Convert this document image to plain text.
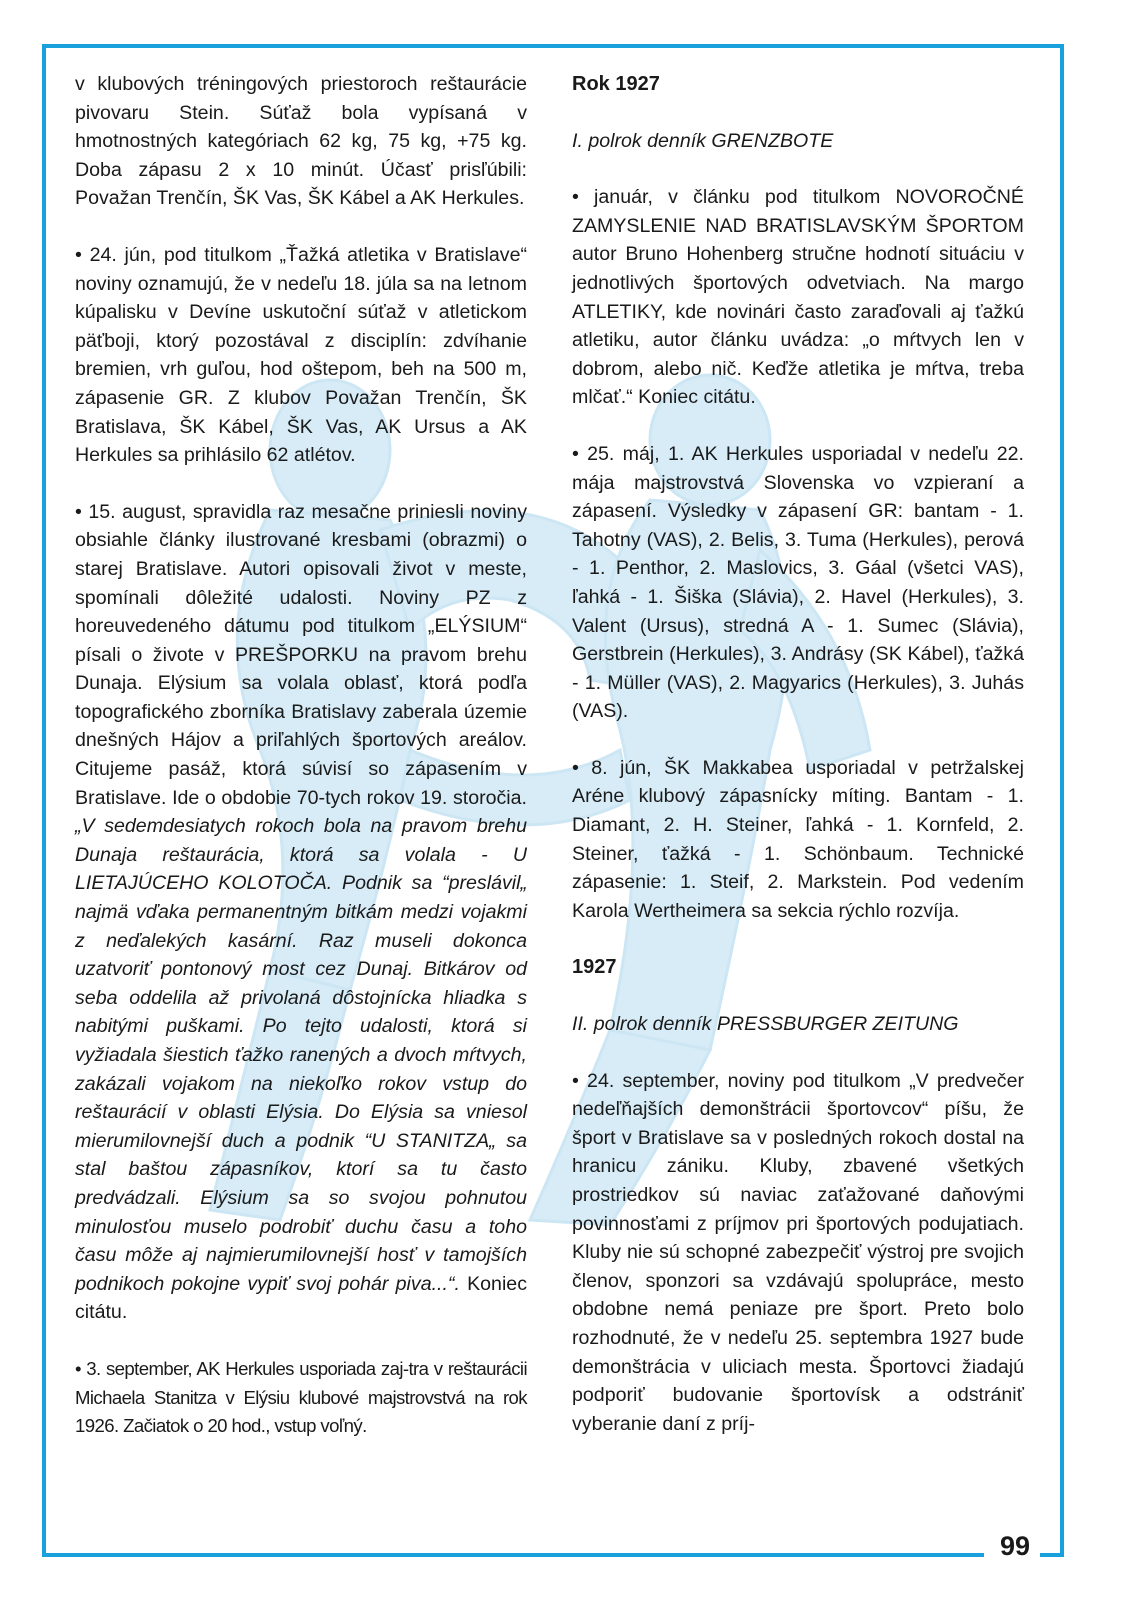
v klubových tréningových priestoroch reštaurácie pivovaru Stein. Súťaž bola vypísaná v hmotnostných kategóriach 62 kg, 75 kg, +75 kg. Doba zápasu 2 x 10 minút. Účasť prisľúbili: Považan Trenčín, ŠK Vas, ŠK Kábel a AK Herkules.

• 24. jún, pod titulkom „Ťažká atletika v Bratislave“ noviny oznamujú, že v nedeľu 18. júla sa na letnom kúpalisku v Devíne uskutoční súťaž v atletickom päťboji, ktorý pozostával z disciplín: zdvíhanie bremien, vrh guľou, hod oštepom, beh na 500 m, zápasenie GR. Z klubov Považan Trenčín, ŠK Bratislava, ŠK Kábel, ŠK Vas, AK Ursus a AK Herkules sa prihlásilo 62 atlétov.

• 15. august, spravidla raz mesačne priniesli noviny obsiahle články ilustrované kresbami (obrazmi) o starej Bratislave. Autori opisovali život v meste, spomínali dôležité udalosti. Noviny PZ z horeuvedeného dátumu pod titulkom „ELÝSIUM“ písali o živote v PREŠPORKU na pravom brehu Dunaja. Elýsium sa volala oblasť, ktorá podľa topografického zborníka Bratislavy zaberala územie dnešných Hájov a priľahlých športových areálov. Citujeme pasáž, ktorá súvisí so zápasením v Bratislave. Ide o obdobie 70-tych rokov 19. storočia. „V sedemdesiatych rokoch bola na pravom brehu Dunaja reštaurácia, ktorá sa volala - U LIETAJÚCEHO KOLOTOČA. Podnik sa “preslávil„ najmä vďaka permanentným bitkám medzi vojakmi z neďalekých kasární. Raz museli dokonca uzatvoriť pontonový most cez Dunaj. Bitkárov od seba oddelila až privolaná dôstojnícka hliadka s nabitými puškami. Po tejto udalosti, ktorá si vyžiadala šiestich ťažko ranených a dvoch mŕtvych, zakázali vojakom na niekoľko rokov vstup do reštaurácií v oblasti Elýsia. Do Elýsia sa vniesol mierumilovnejší duch a podnik “U STANITZA„ sa stal baštou zápasníkov, ktorí sa tu často predvádzali. Elýsium sa so svojou pohnutou minulosťou muselo podrobiť duchu času a toho času môže aj najmierumilovnejší hosť v tamojších podnikoch pokojne vypiť svoj pohár piva...“. Koniec citátu.

• 3. september, AK Herkules usporiada zaj-tra v reštaurácii Michaela Stanitza v Elýsiu klubové majstrovstvá na rok 1926. Začiatok o 20 hod., vstup voľný.

Rok 1927

I. polrok denník GRENZBOTE

• január, v článku pod titulkom NOVOROČNÉ ZAMYSLENIE NAD BRATISLAVSKÝM ŠPORTOM autor Bruno Hohenberg stručne hodnotí situáciu v jednotlivých športových odvetviach. Na margo ATLETIKY, kde novinári často zaraďovali aj ťažkú atletiku, autor článku uvádza: „o mŕtvych len v dobrom, alebo nič. Keďže atletika je mŕtva, treba mlčať.“ Koniec citátu.

• 25. máj, 1. AK Herkules usporiadal v nedeľu 22. mája majstrovstvá Slovenska vo vzpieraní a zápasení. Výsledky v zápasení GR: bantam - 1. Tahotny (VAS), 2. Belis, 3. Tuma (Herkules), perová - 1. Penthor, 2. Maslovics, 3. Gáal (všetci VAS), ľahká - 1. Šiška (Slávia), 2. Havel (Herkules), 3. Valent (Ursus), stredná A - 1. Sumec (Slávia), Gerstbrein (Herkules), 3. Andrásy (SK Kábel), ťažká - 1. Müller (VAS), 2. Magyarics (Herkules), 3. Juhás (VAS).

• 8. jún, ŠK Makkabea usporiadal v petržalskej Aréne klubový zápasnícky míting. Bantam - 1. Diamant, 2. H. Steiner, ľahká - 1. Kornfeld, 2. Steiner, ťažká - 1. Schönbaum. Technické zápasenie: 1. Steif, 2. Markstein. Pod vedením Karola Wertheimera sa sekcia rýchlo rozvíja.

1927

II. polrok denník PRESSBURGER ZEITUNG

• 24. september, noviny pod titulkom „V predvečer nedeľňajších demonštrácii športovcov“ píšu, že šport v Bratislave sa v posledných rokoch dostal na hranicu zániku. Kluby, zbavené všetkých prostriedkov sú naviac zaťažované daňovými povinnosťami z príjmov pri športových podujatiach. Kluby nie sú schopné zabezpečiť výstroj pre svojich členov, sponzori sa vzdávajú spolupráce, mesto obdobne nemá peniaze pre šport. Preto bolo rozhodnuté, že v nedeľu 25. septembra 1927 bude demonštrácia v uliciach mesta. Športovci žiadajú podporiť budovanie športovísk a odstrániť vyberanie daní z príj-

99
